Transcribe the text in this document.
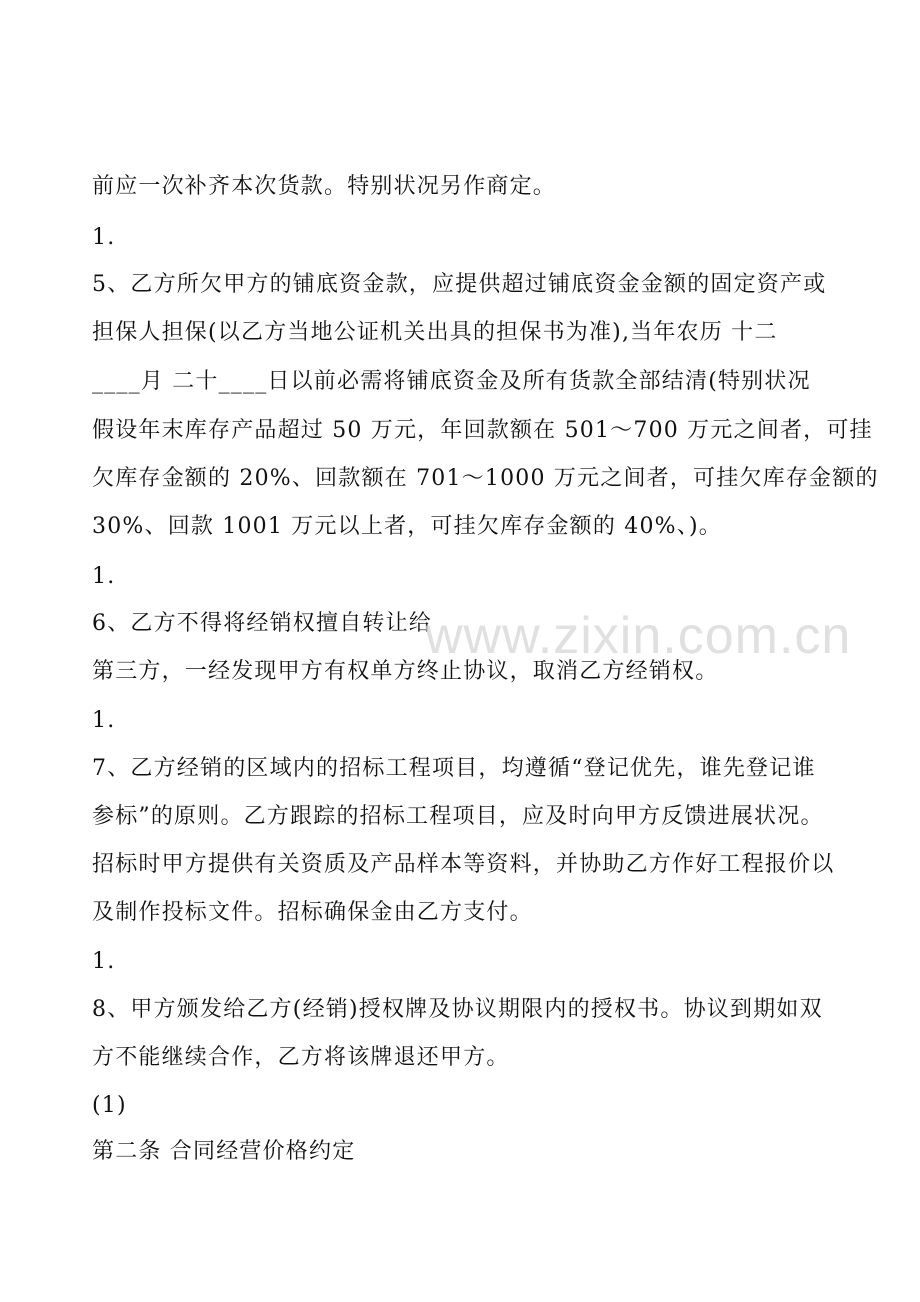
前应一次补齐本次货款。特别状况另作商定。
1.
5、乙方所欠甲方的铺底资金款，应提供超过铺底资金金额的固定资产或
担保人担保(以乙方当地公证机关出具的担保书为准),当年农历 十二
____月 二十____日以前必需将铺底资金及所有货款全部结清(特别状况
假设年末库存产品超过 50 万元，年回款额在 501～700 万元之间者，可挂
欠库存金额的 20%、回款额在 701～1000 万元之间者，可挂欠库存金额的
30%、回款 1001 万元以上者，可挂欠库存金额的 40%、)。
1.
6、乙方不得将经销权擅自转让给
第三方，一经发现甲方有权单方终止协议，取消乙方经销权。
1.
7、乙方经销的区域内的招标工程项目，均遵循“登记优先，谁先登记谁
参标”的原则。乙方跟踪的招标工程项目，应及时向甲方反馈进展状况。
招标时甲方提供有关资质及产品样本等资料，并协助乙方作好工程报价以
及制作投标文件。招标确保金由乙方支付。
1.
8、甲方颁发给乙方(经销)授权牌及协议期限内的授权书。协议到期如双
方不能继续合作，乙方将该牌退还甲方。
(1)
第二条 合同经营价格约定
www.zixin.com.cn
